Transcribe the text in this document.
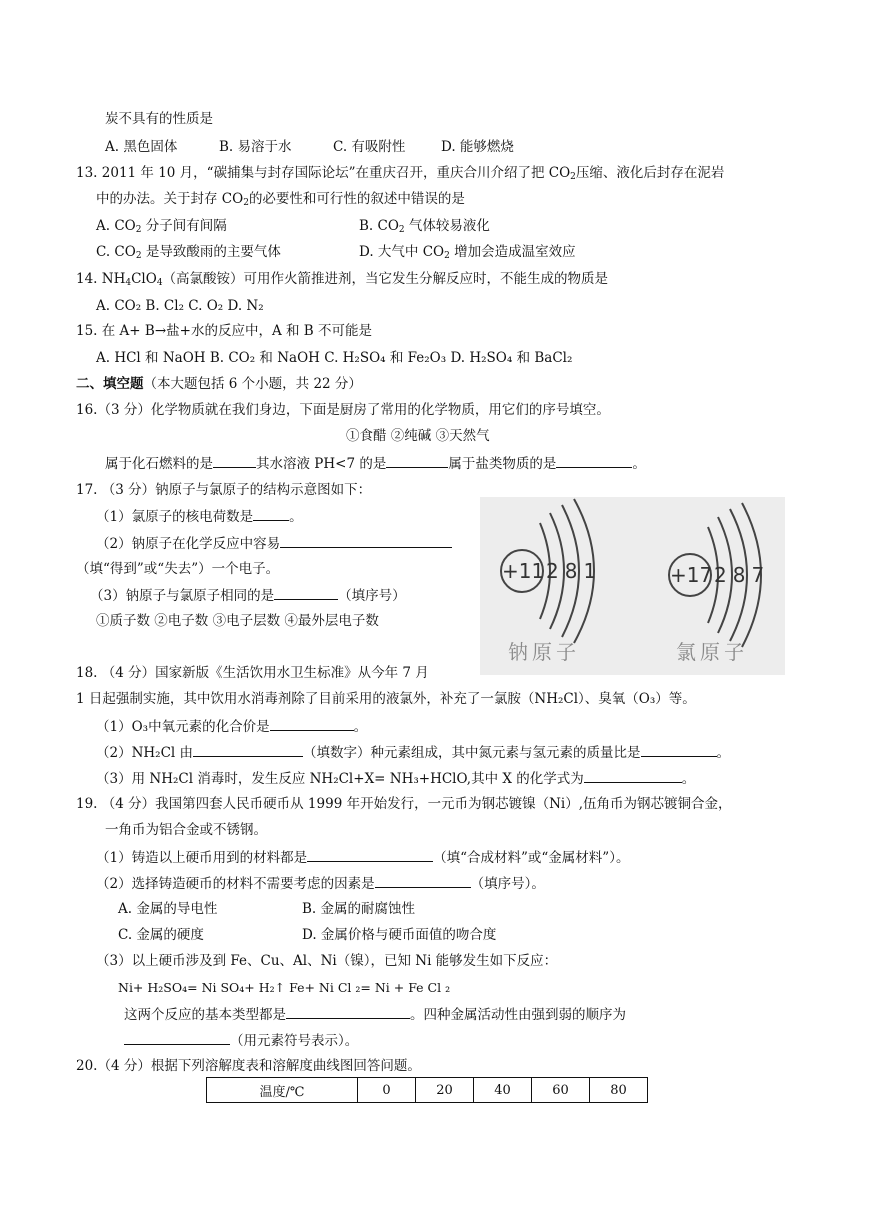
炭不具有的性质是
A. 黑色固体	B. 易溶于水	C. 有吸附性	D. 能够燃烧
13. 2011 年 10 月，“碳捕集与封存国际论坛”在重庆召开，重庆合川介绍了把 $CO_2$压缩、液化后封存在泥岩
中的办法。关于封存 $CO_2$的必要性和可行性的叙述中错误的是
A. $CO_2$ 分子间有间隔	B. $CO_2$ 气体较易液化
C. $CO_2$ 是导致酸雨的主要气体	D. 大气中 $CO_2$ 增加会造成温室效应
14. $NH_4ClO_4$（高氯酸铵）可用作火箭推进剂，当它发生分解反应时，不能生成的物质是
A. CO₂ B. Cl₂ C. O₂ D. N₂
15. 在 A+ B→盐+水的反应中，A 和 B 不可能是
A. HCl 和 NaOH B. CO₂ 和 NaOH C. H₂SO₄ 和 Fe₂O₃ D. H₂SO₄ 和 BaCl₂
二、填空题（本大题包括 6 个小题，共 22 分）
16.（3 分）化学物质就在我们身边，下面是厨房了常用的化学物质，用它们的序号填空。
①食醋 ②纯碱 ③天然气
属于化石燃料的是	其水溶液 PH<7 的是	属于盐类物质的是	。
17. （3 分）钠原子与氯原子的结构示意图如下：
（1）氯原子的核电荷数是	。
（2）钠原子在化学反应中容易
（填“得到”或“失去”）一个电子。
（3）钠原子与氯原子相同的是	（填序号）
①质子数 ②电子数 ③电子层数 ④最外层电子数
+11 281
钠原子
+17 287
氯原子
18. （4 分）国家新版《生活饮用水卫生标准》从今年 7 月
1 日起强制实施，其中饮用水消毒剂除了目前采用的液氯外，补充了一氯胺（NH₂Cl）、臭氧（O₃）等。
（1）O₃中氧元素的化合价是	。
（2）NH₂Cl 由	（填数字）种元素组成，其中氮元素与氢元素的质量比是	。
（3）用 NH₂Cl 消毒时，发生反应 NH₂Cl+X= NH₃+HClO,其中 X 的化学式为	。
19. （4 分）我国第四套人民币硬币从 1999 年开始发行，一元币为钢芯镀镍（Ni）,伍角币为钢芯镀铜合金，
一角币为铝合金或不锈钢。
（1）铸造以上硬币用到的材料都是	（填“合成材料”或“金属材料”）。
（2）选择铸造硬币的材料不需要考虑的因素是	（填序号）。
A. 金属的导电性	B. 金属的耐腐蚀性
C. 金属的硬度	D. 金属价格与硬币面值的吻合度
（3）以上硬币涉及到 Fe、Cu、Al、Ni（镍），已知 Ni 能够发生如下反应：
Ni+ H₂SO₄= Ni SO₄+ H₂↑ Fe+ Ni Cl ₂= Ni + Fe Cl ₂
这两个反应的基本类型都是	。四种金属活动性由强到弱的顺序为
（用元素符号表示）。
20.（4 分）根据下列溶解度表和溶解度曲线图回答问题。
温度/℃	0	20	40	60	80
